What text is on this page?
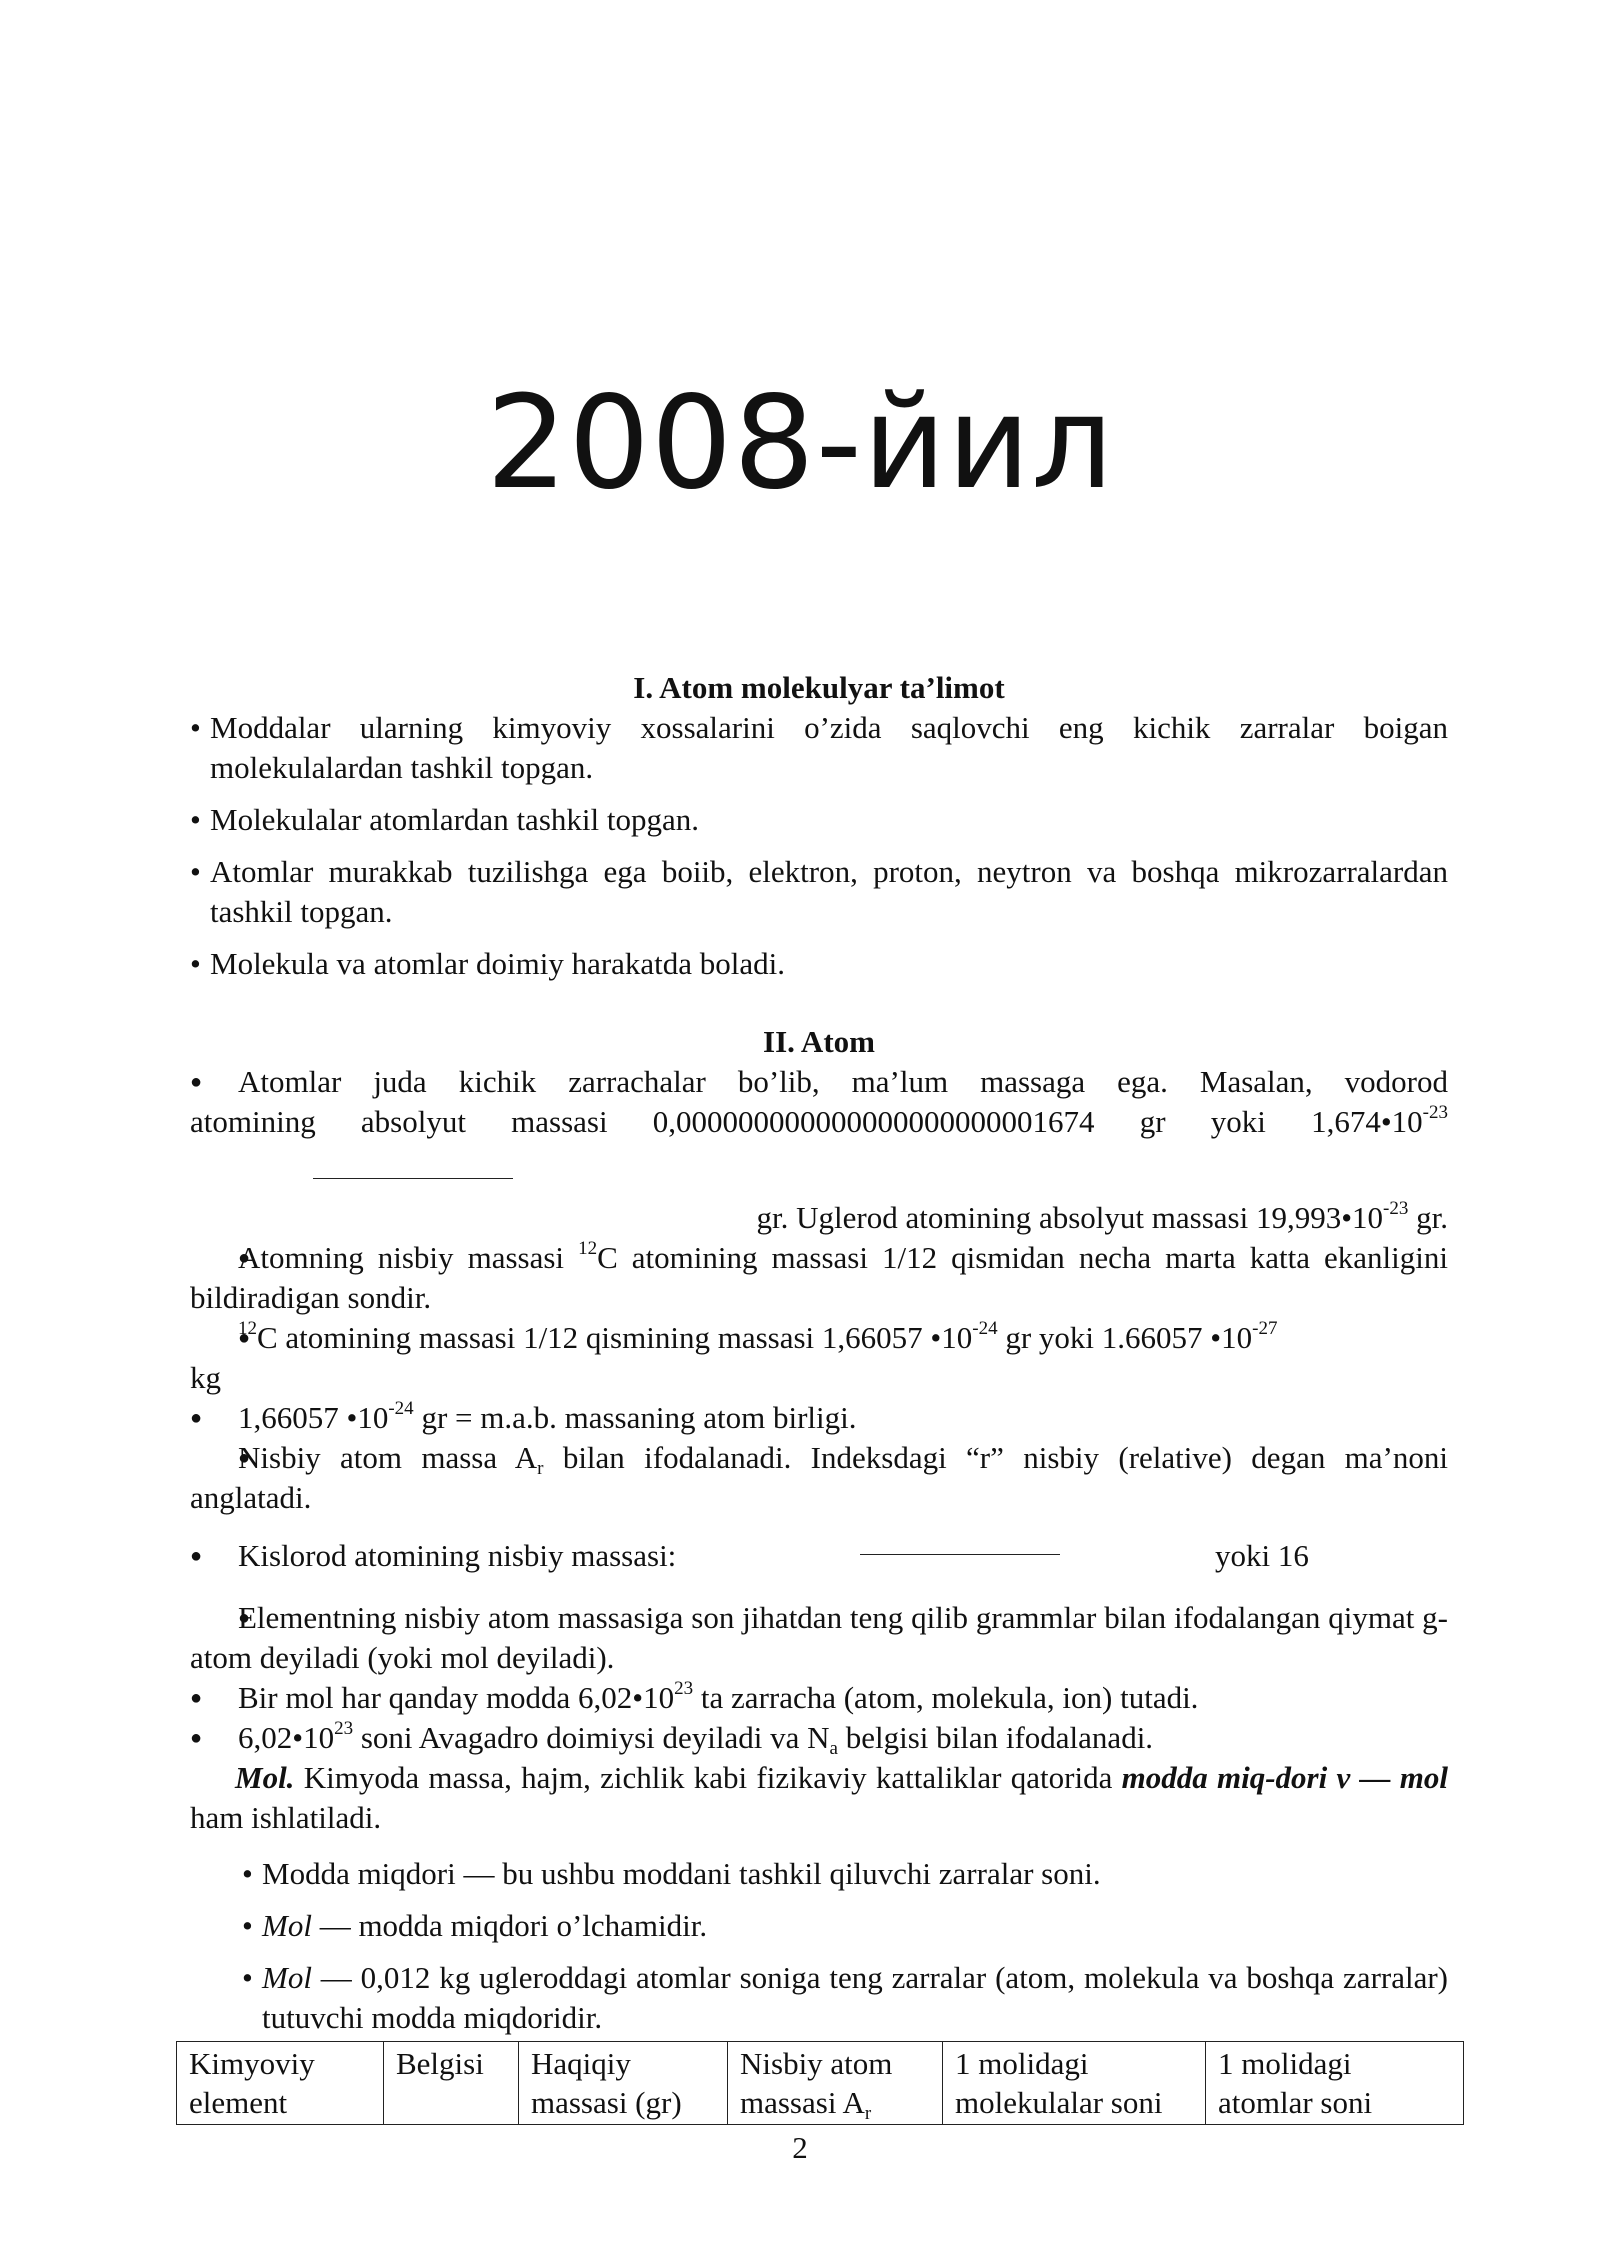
2008-йил

I. Atom molekulyar ta’limot

• Moddalar ularning kimyoviy xossalarini o’zida saqlovchi eng kichik zarralar boigan molekulalardan tashkil topgan.

• Molekulalar atomlardan tashkil topgan.

• Atomlar murakkab tuzilishga ega boiib, elektron, proton, neytron va boshqa mikrozarralardan tashkil topgan.

• Molekula va atomlar doimiy harakatda boladi.

II. Atom

● Atomlar juda kichik zarrachalar bo’lib, ma’lum massaga ega. Masalan, vodorod
atomining absolyut massasi 0,000000000000000000000001674 gr yoki $1,674•10^{-23}$
gr. Uglerod atomining absolyut massasi $19,993•10^{-23}$ gr.
● Atomning nisbiy massasi $^{12}$C atomining massasi 1/12 qismidan necha marta katta ekanligini bildiradigan sondir.
● $^{12}$C atomining massasi 1/12 qismining massasi 1,66057 $•10^{-24}$ gr yoki 1.66057 $•10^{-27}$
kg
● 1,66057 $•10^{-24}$ gr = m.a.b. massaning atom birligi.
● Nisbiy atom massa $A_r$ bilan ifodalanadi. Indeksdagi “r” nisbiy (relative) degan ma’noni anglatadi.
● Kislorod atomining nisbiy massasi:	yoki 16
● Elementning nisbiy atom massasiga son jihatdan teng qilib grammlar bilan ifodalangan qiymat g-atom deyiladi (yoki mol deyiladi).
● Bir mol har qanday modda $6,02•10^{23}$ ta zarracha (atom, molekula, ion) tutadi.
● $6,02•10^{23}$ soni Avagadro doimiysi deyiladi va $N_a$ belgisi bilan ifodalanadi.
Mol. Kimyoda massa, hajm, zichlik kabi fizikaviy kattaliklar qatorida modda miq-dori v — mol ham ishlatiladi.

• Modda miqdori — bu ushbu moddani tashkil qiluvchi zarralar soni.

• Mol — modda miqdori o’lchamidir.

• Mol — 0,012 kg ugleroddagi atomlar soniga teng zarralar (atom, molekula va boshqa zarralar) tutuvchi modda miqdoridir.

Kimyoviy element	Belgisi	Haqiqiy massasi (gr)	Nisbiy atom massasi $A_r$	1 molidagi molekulalar soni	1 molidagi atomlar soni
2
